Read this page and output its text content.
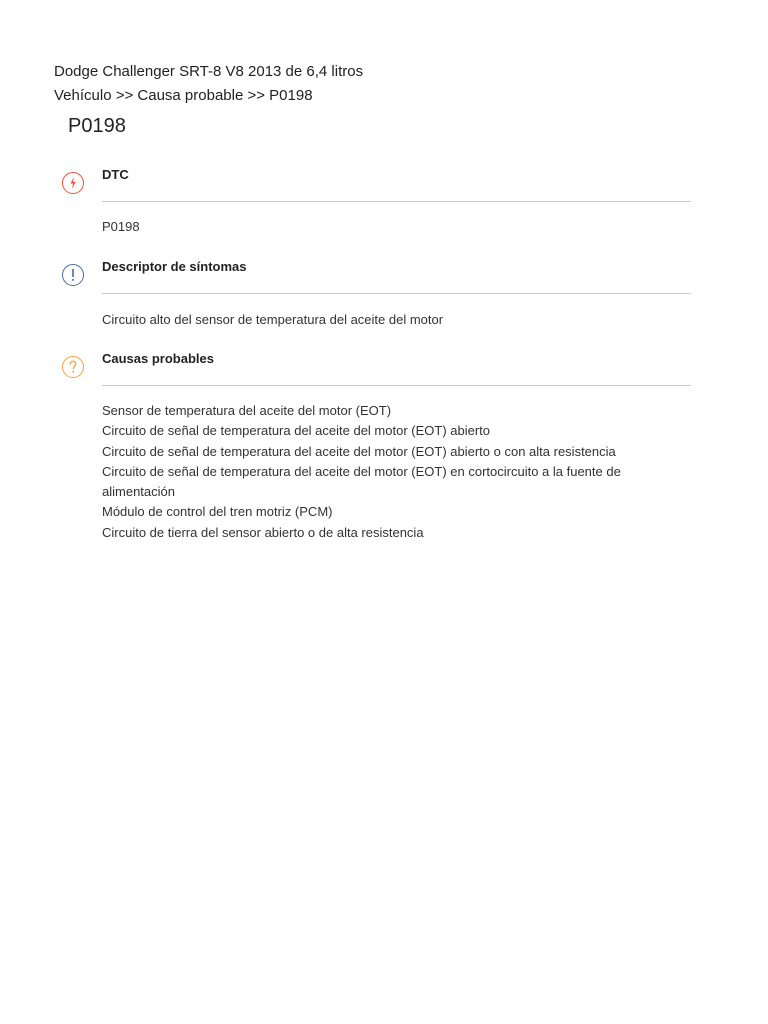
Dodge Challenger SRT-8 V8 2013 de 6,4 litros
Vehículo >> Causa probable >> P0198
P0198
DTC
P0198
Descriptor de síntomas
Circuito alto del sensor de temperatura del aceite del motor
Causas probables
Sensor de temperatura del aceite del motor (EOT)
Circuito de señal de temperatura del aceite del motor (EOT) abierto
Circuito de señal de temperatura del aceite del motor (EOT) abierto o con alta resistencia
Circuito de señal de temperatura del aceite del motor (EOT) en cortocircuito a la fuente de alimentación
Módulo de control del tren motriz (PCM)
Circuito de tierra del sensor abierto o de alta resistencia
